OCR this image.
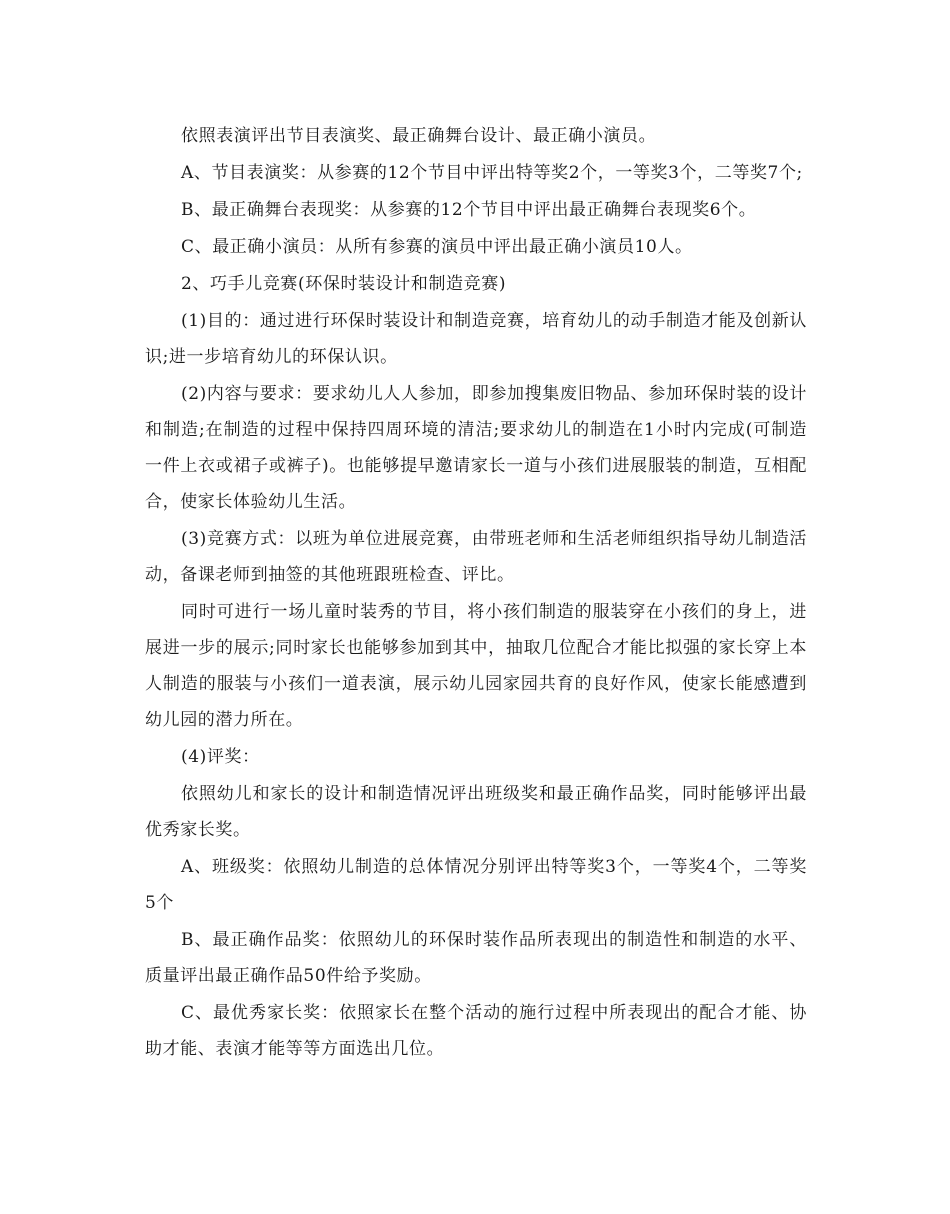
依照表演评出节目表演奖、最正确舞台设计、最正确小演员。

A、节目表演奖：从参赛的12个节目中评出特等奖2个，一等奖3个，二等奖7个;

B、最正确舞台表现奖：从参赛的12个节目中评出最正确舞台表现奖6个。

C、最正确小演员：从所有参赛的演员中评出最正确小演员10人。

2、巧手儿竞赛(环保时装设计和制造竞赛)

(1)目的：通过进行环保时装设计和制造竞赛，培育幼儿的动手制造才能及创新认识;进一步培育幼儿的环保认识。

(2)内容与要求：要求幼儿人人参加，即参加搜集废旧物品、参加环保时装的设计和制造;在制造的过程中保持四周环境的清洁;要求幼儿的制造在1小时内完成(可制造一件上衣或裙子或裤子)。也能够提早邀请家长一道与小孩们进展服装的制造，互相配合，使家长体验幼儿生活。

(3)竞赛方式：以班为单位进展竞赛，由带班老师和生活老师组织指导幼儿制造活动，备课老师到抽签的其他班跟班检查、评比。

同时可进行一场儿童时装秀的节目，将小孩们制造的服装穿在小孩们的身上，进展进一步的展示;同时家长也能够参加到其中，抽取几位配合才能比拟强的家长穿上本人制造的服装与小孩们一道表演，展示幼儿园家园共育的良好作风，使家长能感遭到幼儿园的潜力所在。

(4)评奖：

依照幼儿和家长的设计和制造情况评出班级奖和最正确作品奖，同时能够评出最优秀家长奖。

A、班级奖：依照幼儿制造的总体情况分别评出特等奖3个，一等奖4个，二等奖5个

B、最正确作品奖：依照幼儿的环保时装作品所表现出的制造性和制造的水平、质量评出最正确作品50件给予奖励。

C、最优秀家长奖：依照家长在整个活动的施行过程中所表现出的配合才能、协助才能、表演才能等等方面选出几位。
